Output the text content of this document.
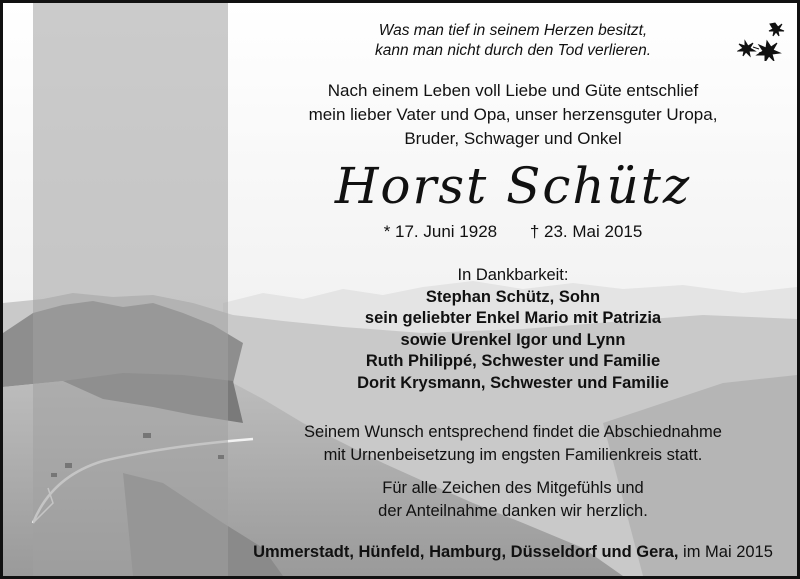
Was man tief in seinem Herzen besitzt,
kann man nicht durch den Tod verlieren.
Nach einem Leben voll Liebe und Güte entschlief
mein lieber Vater und Opa, unser herzensguter Uropa,
Bruder, Schwager und Onkel
Horst Schütz
* 17. Juni 1928 † 23. Mai 2015
In Dankbarkeit:
Stephan Schütz, Sohn
sein geliebter Enkel Mario mit Patrizia
sowie Urenkel Igor und Lynn
Ruth Philippé, Schwester und Familie
Dorit Krysmann, Schwester und Familie
Seinem Wunsch entsprechend findet die Abschiednahme
mit Urnenbeisetzung im engsten Familienkreis statt.
Für alle Zeichen des Mitgefühls und
der Anteilnahme danken wir herzlich.
Ummerstadt, Hünfeld, Hamburg, Düsseldorf und Gera, im Mai 2015
